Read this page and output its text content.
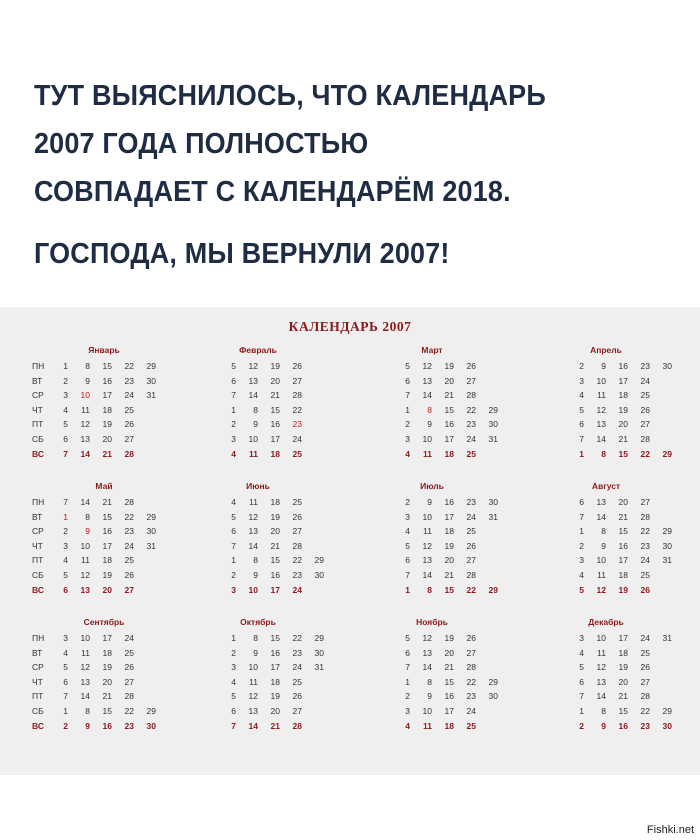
ТУТ ВЫЯСНИЛОСЬ, ЧТО КАЛЕНДАРЬ
2007 ГОДА ПОЛНОСТЬЮ
СОВПАДАЕТ С КАЛЕНДАРЁМ 2018.
ГОСПОДА, МЫ ВЕРНУЛИ 2007!
КАЛЕНДАРЬ 2007
Январь
ПН	1	8	15	22	29
ВТ	2	9	16	23	30
СР	3	10	17	24	31
ЧТ	4	11	18	25
ПТ	5	12	19	26
СБ	6	13	20	27
ВС	7	14	21	28
Февраль
5	12	19	26
6	13	20	27
7	14	21	28
1	8	15	22
2	9	16	23
3	10	17	24
4	11	18	25
Март
5	12	19	26
6	13	20	27
7	14	21	28
1	8	15	22	29
2	9	16	23	30
3	10	17	24	31
4	11	18	25
Апрель
2	9	16	23	30
3	10	17	24
4	11	18	25
5	12	19	26
6	13	20	27
7	14	21	28
1	8	15	22	29
Май
ПН	7	14	21	28
ВТ	1	8	15	22	29
СР	2	9	16	23	30
ЧТ	3	10	17	24	31
ПТ	4	11	18	25
СБ	5	12	19	26
ВС	6	13	20	27
Июнь
4	11	18	25
5	12	19	26
6	13	20	27
7	14	21	28
1	8	15	22	29
2	9	16	23	30
3	10	17	24
Июль
2	9	16	23	30
3	10	17	24	31
4	11	18	25
5	12	19	26
6	13	20	27
7	14	21	28
1	8	15	22	29
Август
6	13	20	27
7	14	21	28
1	8	15	22	29
2	9	16	23	30
3	10	17	24	31
4	11	18	25
5	12	19	26
Сентябрь
ПН	3	10	17	24
ВТ	4	11	18	25
СР	5	12	19	26
ЧТ	6	13	20	27
ПТ	7	14	21	28
СБ	1	8	15	22	29
ВС	2	9	16	23	30
Октябрь
1	8	15	22	29
2	9	16	23	30
3	10	17	24	31
4	11	18	25
5	12	19	26
6	13	20	27
7	14	21	28
Ноябрь
5	12	19	26
6	13	20	27
7	14	21	28
1	8	15	22	29
2	9	16	23	30
3	10	17	24
4	11	18	25
Декабрь
3	10	17	24	31
4	11	18	25
5	12	19	26
6	13	20	27
7	14	21	28
1	8	15	22	29
2	9	16	23	30
Fishki.net
